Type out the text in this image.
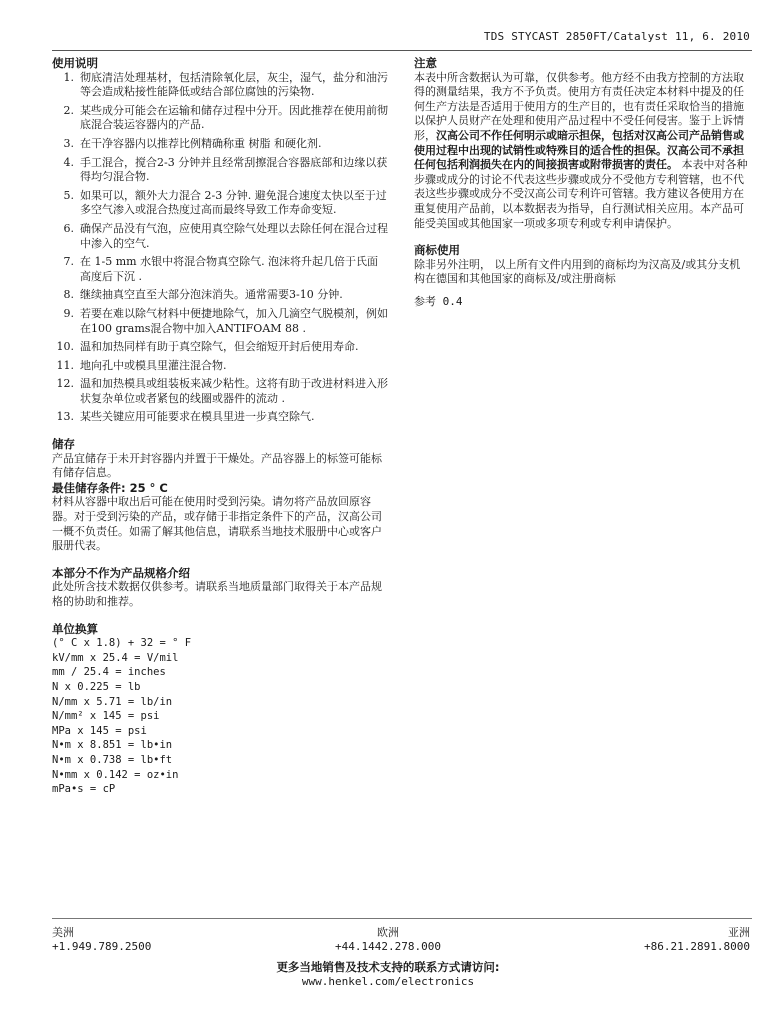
TDS STYCAST 2850FT/Catalyst 11, 6. 2010
使用说明
1. 彻底清洁处理基材，包括清除氧化层，灰尘，湿气，盐分和油污等会造成粘接性能降低或结合部位腐蚀的污染物.
2. 某些成分可能会在运输和储存过程中分开。因此推荐在使用前彻底混合装运容器内的产品.
3. 在干净容器内以推荐比例精确称重 树脂 和硬化剂.
4. 手工混合，搅合2-3 分钟并且经常刮擦混合容器底部和边缘以获得均匀混合物.
5. 如果可以，额外大力混合 2-3 分钟. 避免混合速度太快以至于过多空气渗入或混合热度过高而最终导致工作寿命变短.
6. 确保产品没有气泡，应使用真空除气处理以去除任何在混合过程中渗入的空气.
7. 在 1-5 mm 水银中将混合物真空除气. 泡沫将升起几倍于氏面高度后下沉 .
8. 继续抽真空直至大部分泡沫消失。通常需要3-10 分钟.
9. 若要在难以除气材料中便捷地除气，加入几滴空气脱模剂，例如在100 grams混合物中加入ANTIFOAM 88 .
10. 温和加热同样有助于真空除气，但会缩短开封后使用寿命.
11. 地向孔中或模具里灌注混合物.
12. 温和加热模具或组装板来减少粘性。这将有助于改进材料进入形状复杂单位或者紧包的线圈或器件的流动 .
13. 某些关键应用可能要求在模具里进一步真空除气.
储存

产品宜储存于未开封容器内并置于干燥处。产品容器上的标签可能标有储存信息。

最佳储存条件: 25 ° C

材料从容器中取出后可能在使用时受到污染。请勿将产品放回原容器。对于受到污染的产品，或存储于非指定条件下的产品，汉高公司一概不负责任。如需了解其他信息，请联系当地技术服册中心或客户服册代表。

本部分不作为产品规格介绍

此处所含技术数据仅供参考。请联系当地质量部门取得关于本产品规格的协助和推荐。

单位换算
(° C x 1.8) + 32 = ° F
kV/mm x 25.4 = V/mil
mm / 25.4 = inches
N x 0.225 = lb
N/mm x 5.71 = lb/in
N/mm² x 145 = psi
MPa x 145 = psi
N•m x 8.851 = lb•in
N•m x 0.738 = lb•ft
N•mm x 0.142 = oz•in
mPa•s = cP
注意

本表中所含数据认为可靠，仅供参考。他方经不由我方控制的方法取得的测量结果，我方不予负责。使用方有责任决定本材料中提及的任何生产方法是否适用于使用方的生产目的，也有责任采取恰当的措施以保护人员财产在处理和使用产品过程中不受任何侵害。鉴于上诉情形，汉高公司不作任何明示或暗示担保，包括对汉高公司产品销售或使用过程中出现的试销性或特殊目的适合性的担保。汉高公司不承担任何包括利润损失在内的间接损害或附带损害的责任。 本表中对各种步骤或成分的讨论不代表这些步骤或成分不受他方专利管辖，也不代表这些步骤或成分不受汉高公司专利许可管辖。我方建议各使用方在重复使用产品前，以本数据表为指导，自行测试相关应用。本产品可能受美国或其他国家一项或多项专利或专利申请保护。

商标使用

除非另外注明， 以上所有文件内用到的商标均为汉高及/或其分支机构在德国和其他国家的商标及/或注册商标

参考 0.4

美洲
+1.949.789.2500
欧洲
+44.1442.278.000
亚洲
+86.21.2891.8000
更多当地销售及技术支持的联系方式请访问:
www.henkel.com/electronics
